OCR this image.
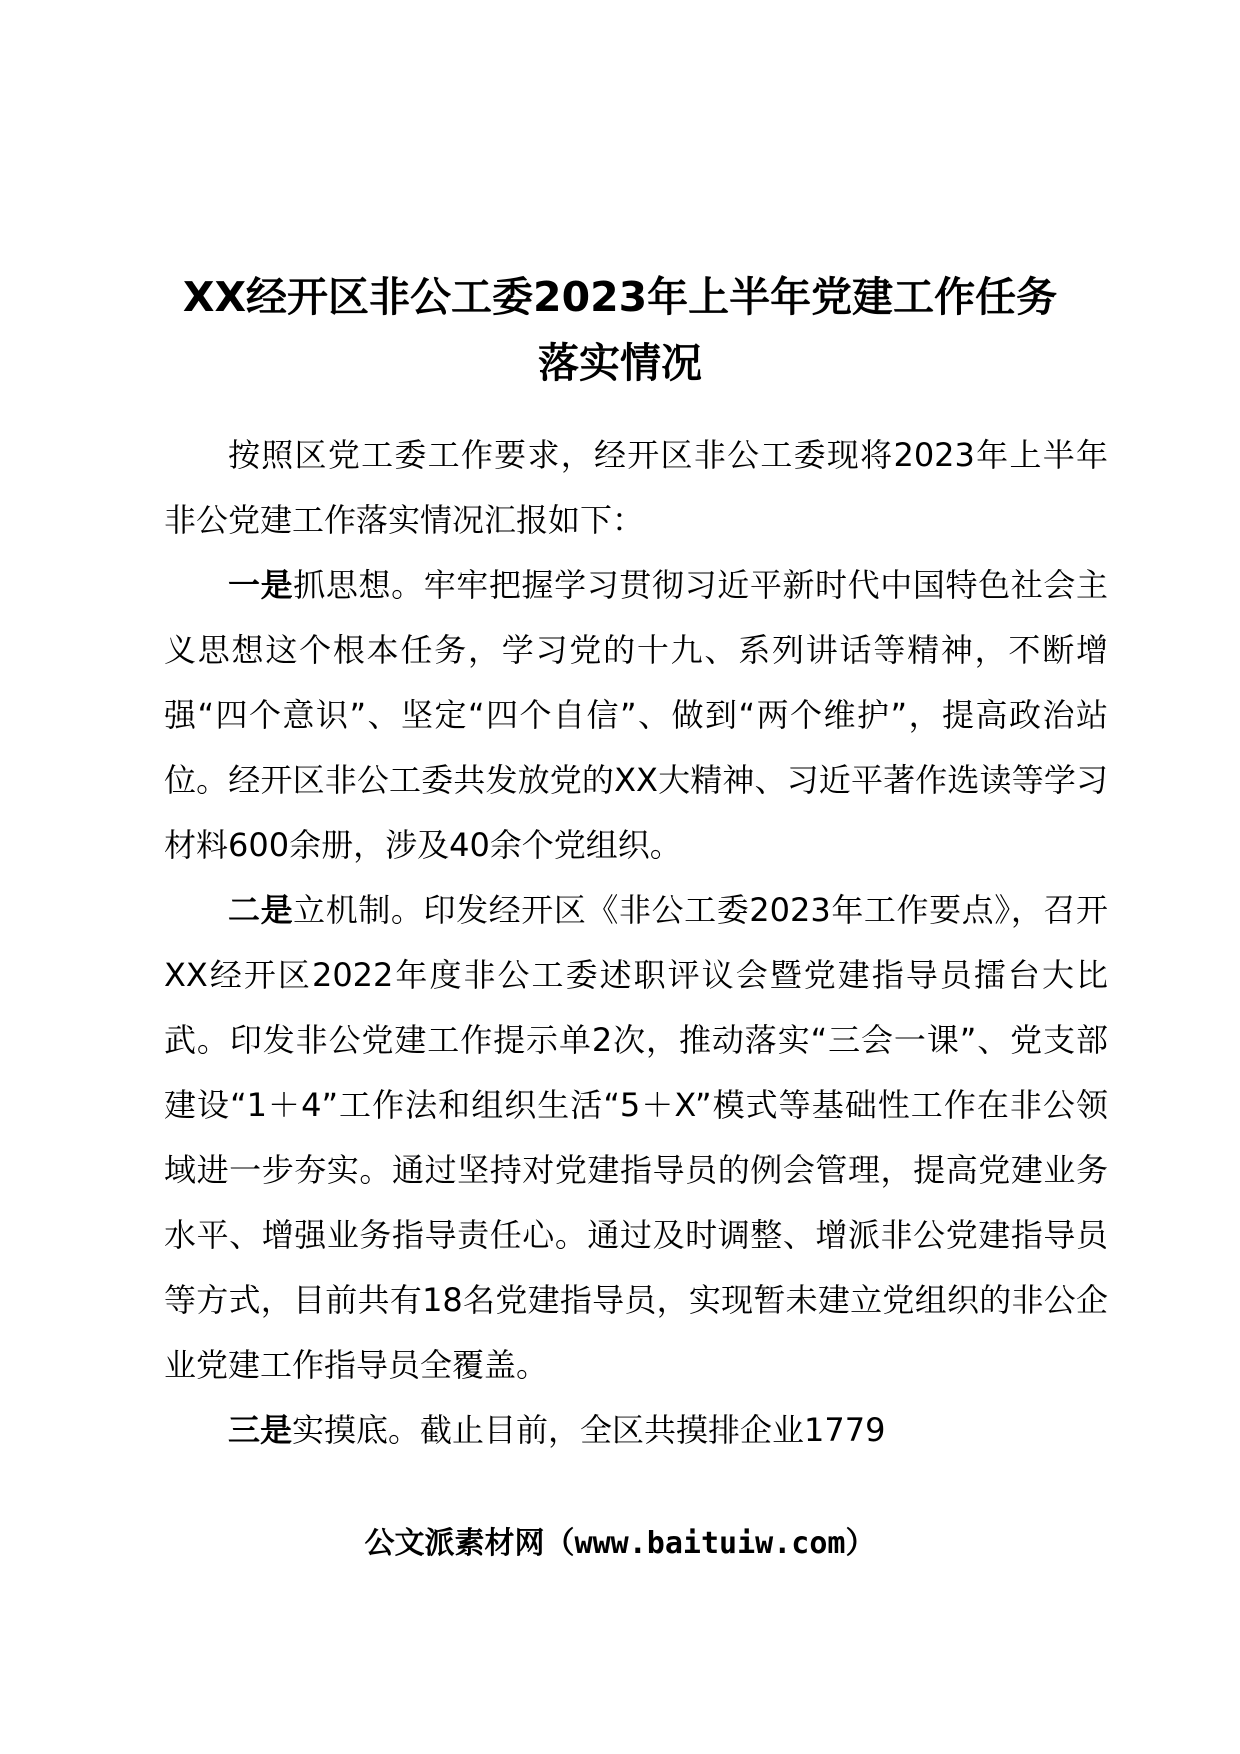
XX经开区非公工委2023年上半年党建工作任务
落实情况

按照区党工委工作要求，经开区非公工委现将2023年上半年非公党建工作落实情况汇报如下：

一是抓思想。牢牢把握学习贯彻习近平新时代中国特色社会主义思想这个根本任务，学习党的十九、系列讲话等精神，不断增强“四个意识”、坚定“四个自信”、做到“两个维护”，提高政治站位。经开区非公工委共发放党的XX大精神、习近平著作选读等学习材料600余册，涉及40余个党组织。

二是立机制。印发经开区《非公工委2023年工作要点》，召开XX经开区2022年度非公工委述职评议会暨党建指导员擂台大比武。印发非公党建工作提示单2次，推动落实“三会一课”、党支部建设“1＋4”工作法和组织生活“5＋X”模式等基础性工作在非公领域进一步夯实。通过坚持对党建指导员的例会管理，提高党建业务水平、增强业务指导责任心。通过及时调整、增派非公党建指导员等方式，目前共有18名党建指导员，实现暂未建立党组织的非公企业党建工作指导员全覆盖。

三是实摸底。截止目前，全区共摸排企业1779

公文派素材网（www.baituiw.com）
